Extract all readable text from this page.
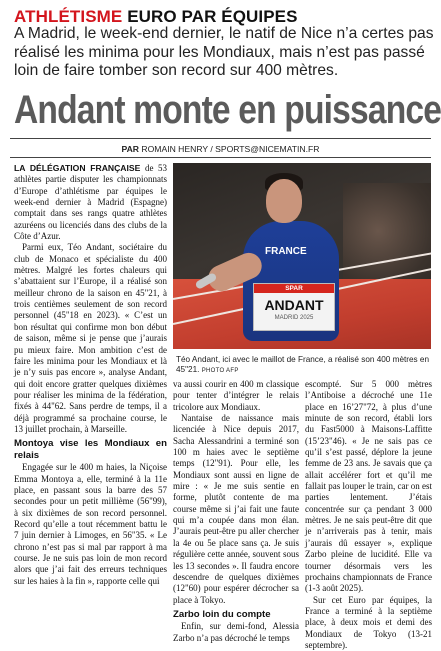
ATHLÉTISME EURO PAR ÉQUIPES
A Madrid, le week-end dernier, le natif de Nice n’a certes pas réalisé les minima pour les Mondiaux, mais n’est pas passé loin de faire tomber son record sur 400 mètres.
Andant monte en puissance
PAR ROMAIN HENRY / SPORTS@NICEMATIN.FR

LA DÉLÉGATION FRANÇAISE de 53 athlètes partie disputer les championnats d’Europe d’athlétisme par équipes le week-end dernier à Madrid (Espagne) comptait dans ses rangs quatre athlètes azuréens ou licenciés dans des clubs de la Côte d’Azur.

Parmi eux, Téo Andant, sociétaire du club de Monaco et spécialiste du 400 mètres. Malgré les fortes chaleurs qui s’abattaient sur l’Europe, il a réalisé son meilleur chrono de la saison en 45"21, à trois centièmes seulement de son record personnel (45"18 en 2023). « C’est un bon résultat qui confirme mon bon début de saison, même si je pense que j’aurais pu mieux faire. Mon ambition c’est de faire les minima pour les Mondiaux et là je n’y suis pas encore », analyse Andant, qui doit encore gratter quelques dixièmes pour réaliser les minima de la fédération, fixés à 44"62. Sans perdre de temps, il a déjà programmé sa prochaine course, le 13 juillet prochain, à Marseille.

Montoya vise les Mondiaux en relais

Engagée sur le 400 m haies, la Niçoise Emma Montoya a, elle, terminé à la 11e place, en passant sous la barre des 57 secondes pour un petit millième (56"99), à six dixièmes de son record personnel. Record qu’elle a tout récemment battu le 7 juin dernier à Limoges, en 56"35. « Le chrono n’est pas si mal par rapport à ma course. Je ne suis pas loin de mon record alors que j’ai fait des erreurs techniques sur les haies à la fin », rapporte celle qui

FRANCE
SPAR
ANDANT
MADRID 2025
Téo Andant, ici avec le maillot de France, a réalisé son 400 mètres en 45"21. PHOTO AFP

va aussi courir en 400 m classique pour tenter d’intégrer le relais tricolore aux Mondiaux.

Nantaise de naissance mais licenciée à Nice depuis 2017, Sacha Alessandrini a terminé son 100 m haies avec le septième temps (12"91). Pour elle, les Mondiaux sont aussi en ligne de mire : « Je me suis sentie en forme, plutôt contente de ma course même si j’ai fait une faute qui m’a coupée dans mon élan. J’aurais peut-être pu aller chercher la 4e ou 5e place sans ça. Je suis régulière cette année, souvent sous les 13 secondes ». Il faudra encore descendre de quelques dixièmes (12"60) pour espérer décrocher sa place à Tokyo.

Zarbo loin du compte

Enfin, sur demi-fond, Alessia Zarbo n’a pas décroché le temps

escompté. Sur 5 000 mètres l’Antiboise a décroché une 11e place en 16’27"72, à plus d’une minute de son record, établi lors du Fast5000 à Maisons-Laffitte (15’23"46). « Je ne sais pas ce qu’il s’est passé, déplore la jeune femme de 23 ans. Je savais que ça allait accélérer fort et qu’il me fallait pas louper le train, car on est parties lentement. J’étais concentrée sur ça pendant 3 000 mètres. Je ne sais peut-être dit que je n’arriverais pas à tenir, mais j’aurais dû essayer », explique Zarbo pleine de lucidité. Elle va tourner désormais vers les prochains championnats de France (1-3 août 2025).

Sur cet Euro par équipes, la France a terminé à la septième place, à deux mois et demi des Mondiaux de Tokyo (13-21 septembre).
